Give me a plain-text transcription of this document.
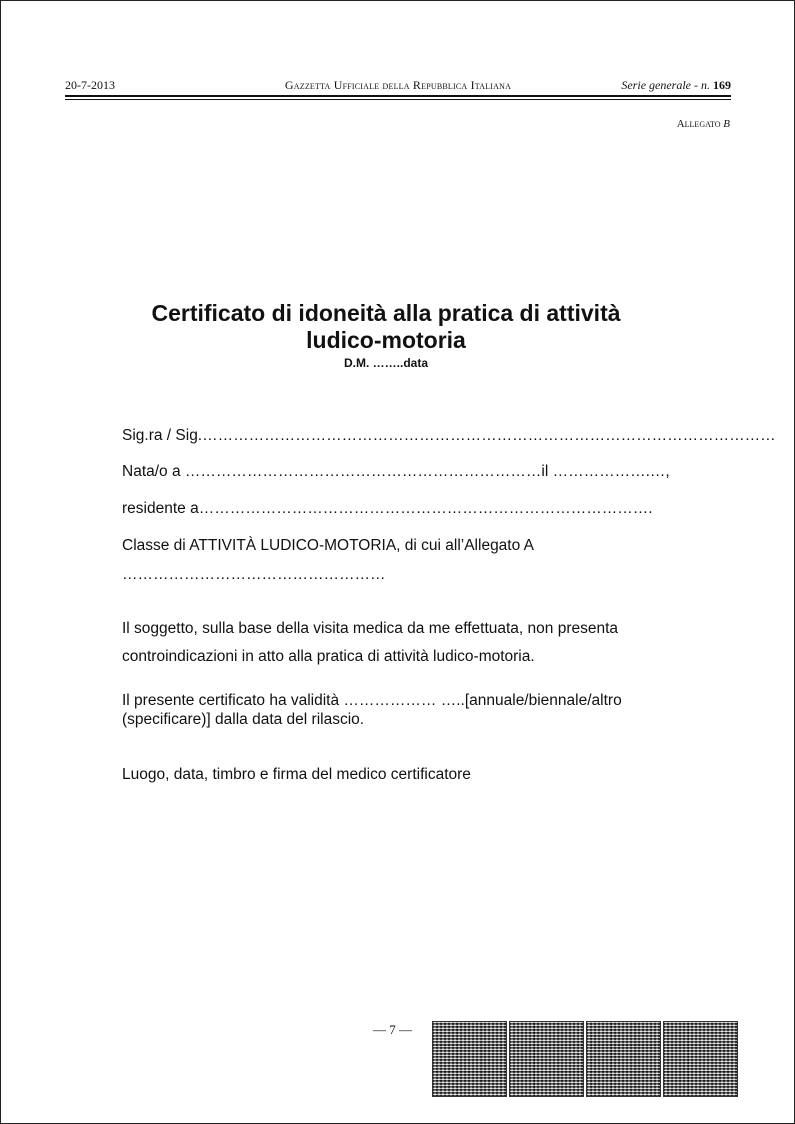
20-7-2013	Gazzetta Ufficiale della Repubblica Italiana	Serie generale - n. 169
Allegato B
Certificato di idoneità alla pratica di attività
ludico-motoria
D.M. ……..data
Sig.ra / Sig.…………………………………………………………………………………………………
Nata/o a ……………………………………………………………il ……………….…,
residente a…………………………………………………………………………….
Classe di ATTIVITÀ LUDICO-MOTORIA, di cui all’Allegato A
……………………………………………
Il soggetto, sulla base della visita medica da me effettuata, non presenta
controindicazioni in atto alla pratica di attività ludico-motoria.
Il presente certificato ha validità ……………… …..[annuale/biennale/altro
(specificare)] dalla data del rilascio.
Luogo, data, timbro e firma del medico certificatore
— 7 —
